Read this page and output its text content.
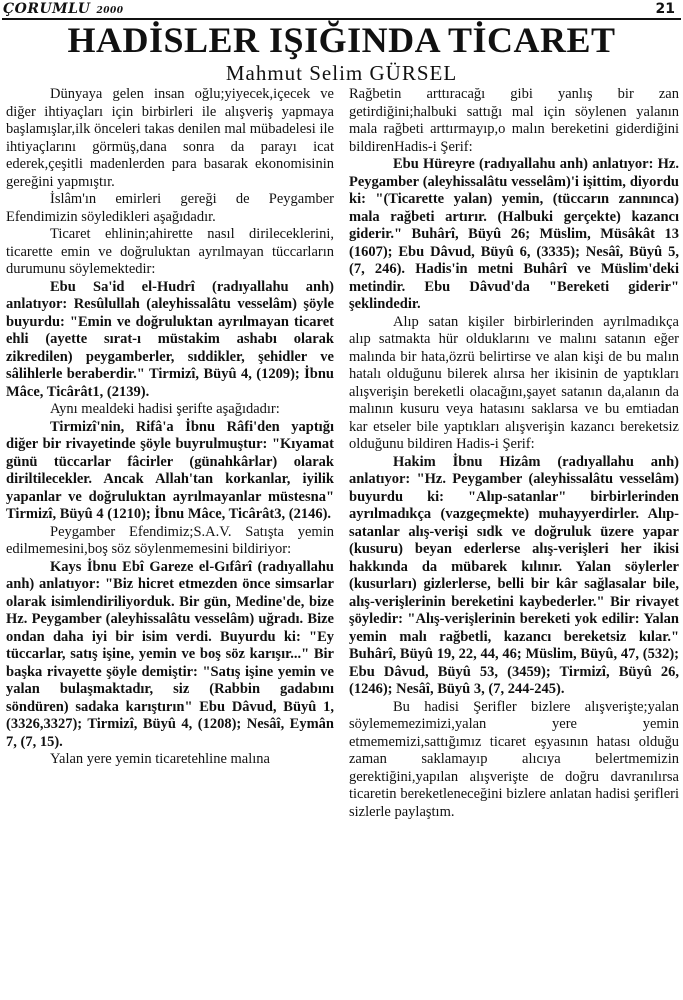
ÇORUMLU 2000	21
HADİSLER IŞIĞINDA TİCARET
Mahmut Selim GÜRSEL

Dünyaya gelen insan oğlu;yiyecek,içecek ve diğer ihtiyaçları için birbirleri ile alışveriş yapmaya başlamışlar,ilk önceleri takas denilen mal mübadelesi ile ihtiyaçlarını görmüş,dana sonra da parayı icat ederek,çeşitli madenlerden para basarak ekonomisinin gereğini yapmıştır.

İslâm'ın emirleri gereği de Peygamber Efendimizin söyledikleri aşağıdadır.

Ticaret ehlinin;ahirette nasıl dirileceklerini, ticarette emin ve doğruluktan ayrılmayan tüccarların durumunu söylemektedir:

Ebu Sa'id el-Hudrî (radıyallahu anh) anlatıyor: Resûlullah (aleyhissalâtu vesselâm) şöyle buyurdu: "Emin ve doğruluktan ayrılmayan ticaret ehli (ayette sırat-ı müstakim ashabı olarak zikredilen) peygamberler, sıddikler, şehidler ve sâlihlerle beraberdir." Tirmizî, Büyû 4, (1209); İbnu Mâce, Ticârât1, (2139).

Aynı mealdeki hadisi şerifte aşağıdadır:

Tirmizî'nin, Rifâ'a İbnu Râfi'den yaptığı diğer bir rivayetinde şöyle buyrulmuştur: "Kıyamat günü tüccarlar fâcirler (günahkârlar) olarak diriltilecekler. Ancak Allah'tan korkanlar, iyilik yapanlar ve doğruluktan ayrılmayanlar müstesna" Tirmizî, Büyû 4 (1210); İbnu Mâce, Ticârât3, (2146).

Peygamber Efendimiz;S.A.V. Satışta yemin edilmemesini,boş söz söylenmemesini bildiriyor:

Kays İbnu Ebî Gareze el-Gıfârî (radıyallahu anh) anlatıyor: "Biz hicret etmezden önce simsarlar olarak isimlendiriliyorduk. Bir gün, Medine'de, bize Hz. Peygamber (aleyhissalâtu vesselâm) uğradı. Bize ondan daha iyi bir isim verdi. Buyurdu ki: "Ey tüccarlar, satış işine, yemin ve boş söz karışır..." Bir başka rivayette şöyle demiştir: "Satış işine yemin ve yalan bulaşmaktadır, siz (Rabbin gadabını söndüren) sadaka karıştırın" Ebu Dâvud, Büyû 1, (3326,3327); Tirmizî, Büyû 4, (1208); Nesâî, Eymân 7, (7, 15).

Yalan yere yemin ticaretehline malına

Rağbetin arttıracağı gibi yanlış bir zan getirdiğini;halbuki sattığı mal için söylenen yalanın mala rağbeti arttırmayıp,o malın bereketini giderdiğini bildirenHadis-i Şerif:

Ebu Hüreyre (radıyallahu anh) anlatıyor: Hz. Peygamber (aleyhissalâtu vesselâm)'i işittim, diyordu ki: "(Ticarette yalan) yemin, (tüccarın zannınca) mala rağbeti artırır. (Halbuki gerçekte) kazancı giderir." Buhârî, Büyû 26; Müslim, Müsâkât 13 (1607); Ebu Dâvud, Büyû 6, (3335); Nesâî, Büyû 5, (7, 246). Hadis'in metni Buhârî ve Müslim'deki metindir. Ebu Dâvud'da "Bereketi giderir" şeklindedir.

Alıp satan kişiler birbirlerinden ayrılmadıkça alıp satmakta hür olduklarını ve malını satanın eğer malında bir hata,özrü belirtirse ve alan kişi de bu malın hatalı olduğunu bilerek alırsa her ikisinin de yaptıkları alışverişin bereketli olacağını,şayet satanın da,alanın da malının kusuru veya hatasını saklarsa ve bu emtiadan kar etseler bile yaptıkları alışverişin kazancı bereketsiz olduğunu bildiren Hadis-i Şerif:

Hakim İbnu Hizâm (radıyallahu anh) anlatıyor: "Hz. Peygamber (aleyhissalâtu vesselâm) buyurdu ki: "Alıp-satanlar" birbirlerinden ayrılmadıkça (vazgeçmekte) muhayyerdirler. Alıp-satanlar alış-verişi sıdk ve doğruluk üzere yapar (kusuru) beyan ederlerse alış-verişleri her ikisi hakkında da mübarek kılınır. Yalan söylerler (kusurları) gizlerlerse, belli bir kâr sağlasalar bile, alış-verişlerinin bereketini kaybederler." Bir rivayet şöyledir: "Alış-verişlerinin bereketi yok edilir: Yalan yemin malı rağbetli, kazancı bereketsiz kılar." Buhârî, Büyû 19, 22, 44, 46; Müslim, Büyû, 47, (532); Ebu Dâvud, Büyû 53, (3459); Tirmizî, Büyû 26, (1246); Nesâî, Büyû 3, (7, 244-245).

Bu hadisi Şerifler bizlere alışverişte;yalan söylememezimizi,yalan yere yemin etmememizi,sattığımız ticaret eşyasının hatası olduğu zaman saklamayıp alıcıya belertmemizin gerektiğini,yapılan alışverişte de doğru davranılırsa ticaretin bereketleneceğini bizlere anlatan hadisi şerifleri sizlerle paylaştım.
